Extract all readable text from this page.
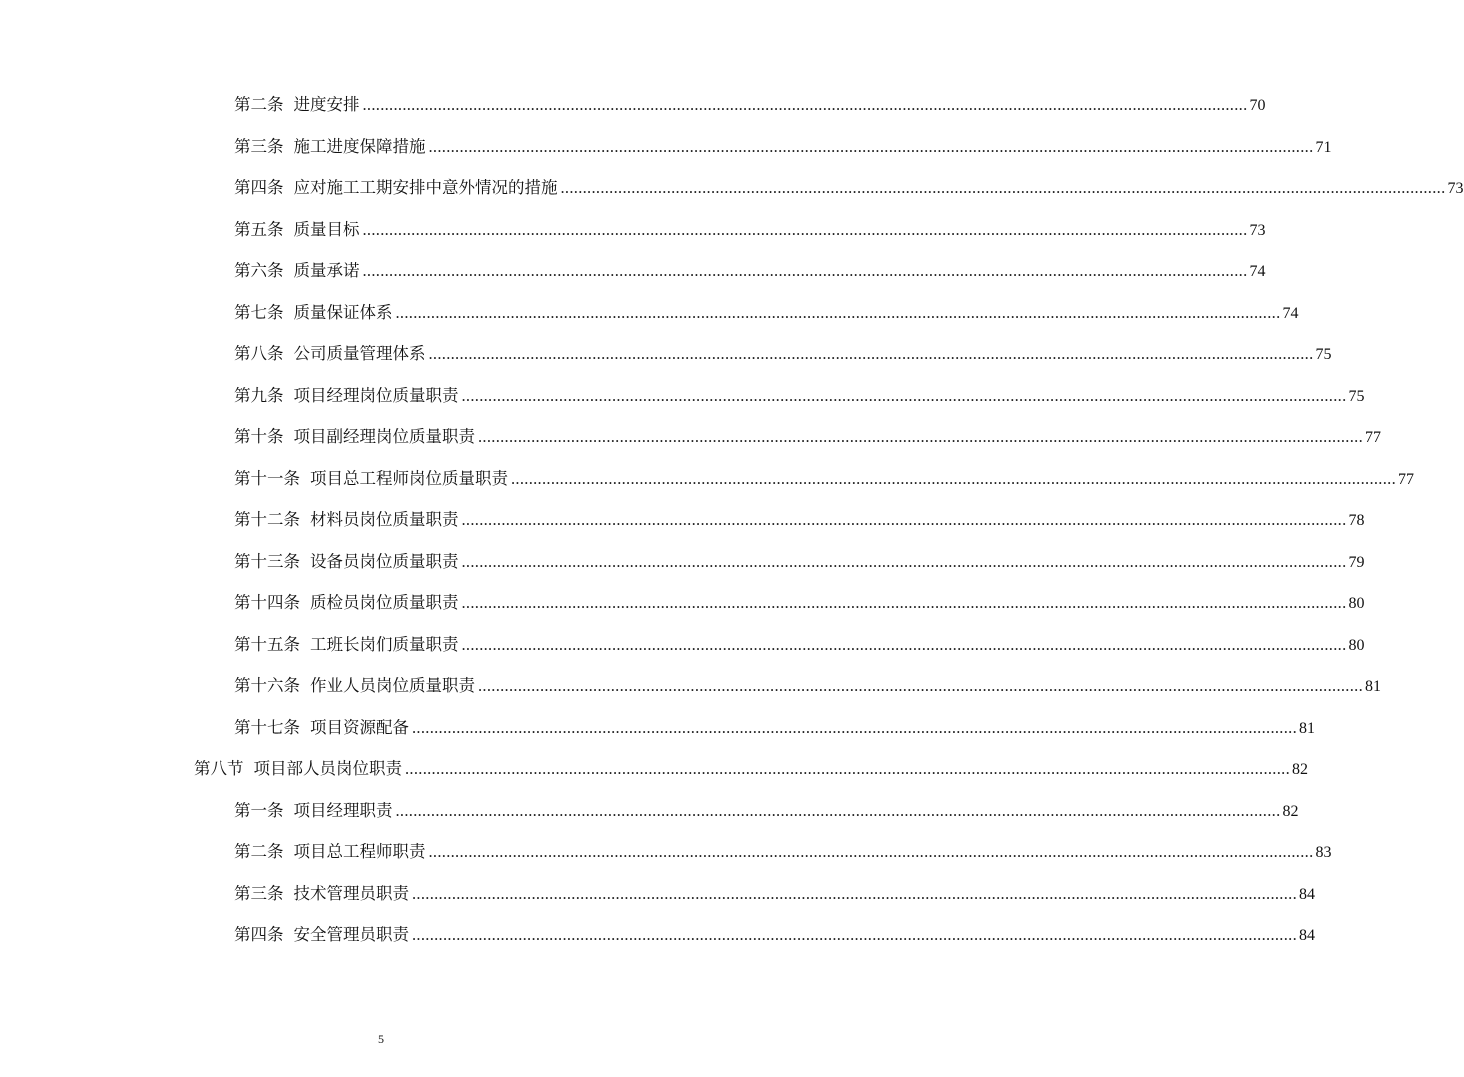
第二条 进度安排 ........................................................................................................................................................................................................ 70
第三条 施工进度保障措施 ........................................................................................................................................................................................................ 71
第四条 应对施工工期安排中意外情况的措施 ........................................................................................................................................................................................................ 73
第五条 质量目标 ........................................................................................................................................................................................................ 73
第六条 质量承诺 ........................................................................................................................................................................................................ 74
第七条 质量保证体系 ........................................................................................................................................................................................................ 74
第八条 公司质量管理体系 ........................................................................................................................................................................................................ 75
第九条 项目经理岗位质量职责 ........................................................................................................................................................................................................ 75
第十条 项目副经理岗位质量职责 ........................................................................................................................................................................................................ 77
第十一条 项目总工程师岗位质量职责 ........................................................................................................................................................................................................ 77
第十二条 材料员岗位质量职责 ........................................................................................................................................................................................................ 78
第十三条 设备员岗位质量职责 ........................................................................................................................................................................................................ 79
第十四条 质检员岗位质量职责 ........................................................................................................................................................................................................ 80
第十五条 工班长岗们质量职责 ........................................................................................................................................................................................................ 80
第十六条 作业人员岗位质量职责 ........................................................................................................................................................................................................ 81
第十七条 项目资源配备 ........................................................................................................................................................................................................ 81
第八节 项目部人员岗位职责 ........................................................................................................................................................................................................ 82
第一条 项目经理职责 ........................................................................................................................................................................................................ 82
第二条 项目总工程师职责 ........................................................................................................................................................................................................ 83
第三条 技术管理员职责 ........................................................................................................................................................................................................ 84
第四条 安全管理员职责 ........................................................................................................................................................................................................ 84
5
